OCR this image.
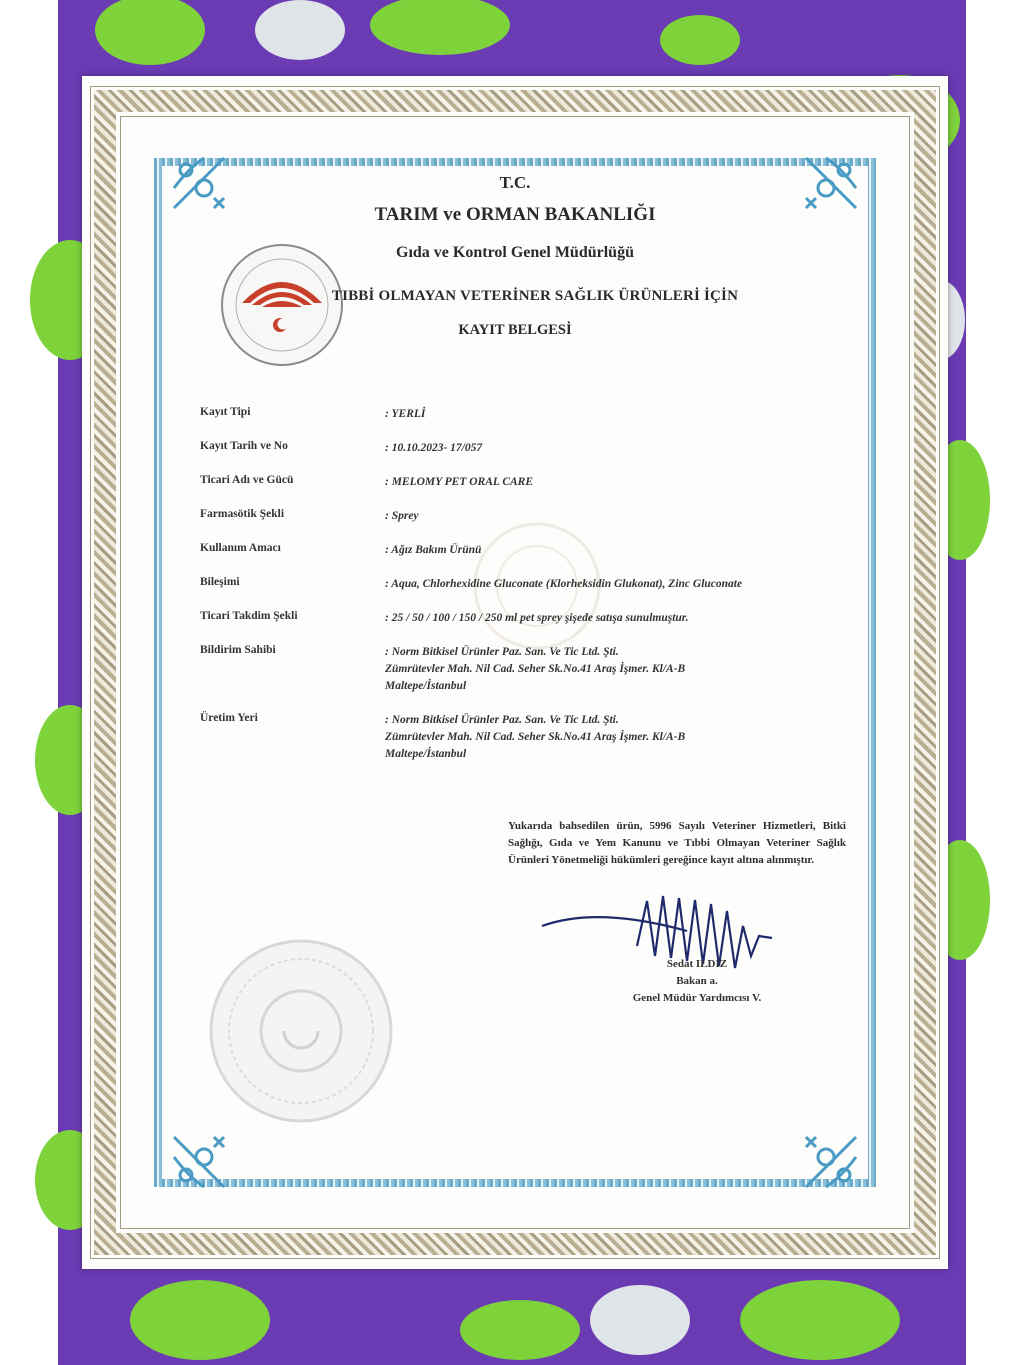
T.C.
TARIM ve ORMAN BAKANLIĞI
Gıda ve Kontrol Genel Müdürlüğü
TIBBİ OLMAYAN VETERİNER SAĞLIK ÜRÜNLERİ İÇİN
KAYIT BELGESİ
Kayıt Tipi	: YERLİ
Kayıt Tarih ve No	: 10.10.2023- 17/057
Ticari Adı ve Gücü	: MELOMY PET ORAL CARE
Farmasötik Şekli	: Sprey
Kullanım Amacı	: Ağız Bakım Ürünü
Bileşimi	: Aqua, Chlorhexidine Gluconate (Klorheksidin Glukonat), Zinc Gluconate
Ticari Takdim Şekli	: 25 / 50 / 100 / 150 / 250 ml pet sprey şişede satışa sunulmuştur.
Bildirim Sahibi	: Norm Bitkisel Ürünler Paz. San. Ve Tic Ltd. Şti.
Zümrütevler Mah. Nil Cad. Seher Sk.No.41 Araş İşmer. Kl/A-B
Maltepe/İstanbul
Üretim Yeri	: Norm Bitkisel Ürünler Paz. San. Ve Tic Ltd. Şti.
Zümrütevler Mah. Nil Cad. Seher Sk.No.41 Araş İşmer. Kl/A-B
Maltepe/İstanbul
Yukarıda bahsedilen ürün, 5996 Sayılı Veteriner Hizmetleri, Bitki Sağlığı, Gıda ve Yem Kanunu ve Tıbbi Olmayan Veteriner Sağlık Ürünleri Yönetmeliği hükümleri gereğince kayıt altına alınmıştır.
Sedat ILDIZ
Bakan a.
Genel Müdür Yardımcısı V.
